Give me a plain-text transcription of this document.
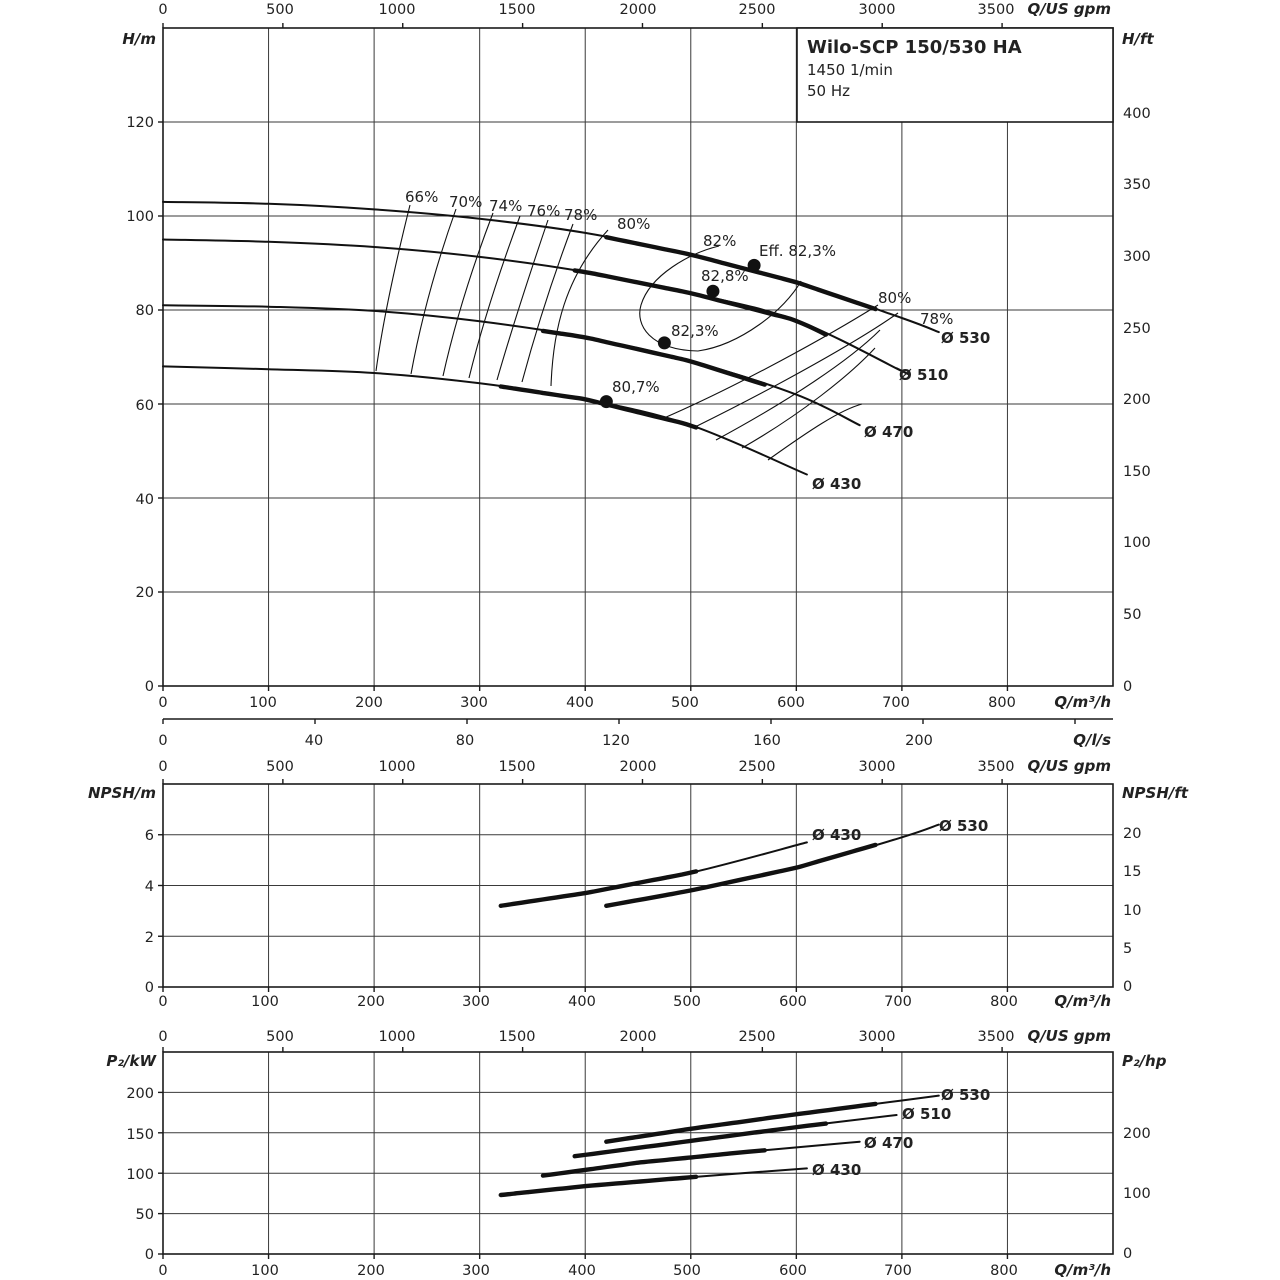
Wilo-SCP 150/530 HA
1450 1/min
50 Hz
H/m	H/ft
Q/US gpm
Q/m³/h
0	100	200	300	400	500	600	700	800
0
20
40
60
80
100
120
0	500	1000	1500	2000	2500	3000	3500
0
50
100
150
200
250
300
350
400
66% 70% 74% 76% 78% 80%
82%
80%
78%
Eff. 82,3%
82,8%
82,3%
80,7%
Ø 530
Ø 510
Ø 470
Ø 430
0	40	80	120	160	200	Q/l/s
NPSH/m	NPSH/ft
Q/US gpm
Q/m³/h
0	500	1000	1500	2000	2500	3000	3500
0	100	200	300	400	500	600	700	800
0
2
4
6
0
5
10
15
20
Ø 430	Ø 530
P₂/kW	P₂/hp
Q/US gpm
Q/m³/h
0	500	1000	1500	2000	2500	3000	3500
0	100	200	300	400	500	600	700	800
0
50
100
150
200
0
100
200
Ø 530
Ø 510
Ø 470
Ø 430
